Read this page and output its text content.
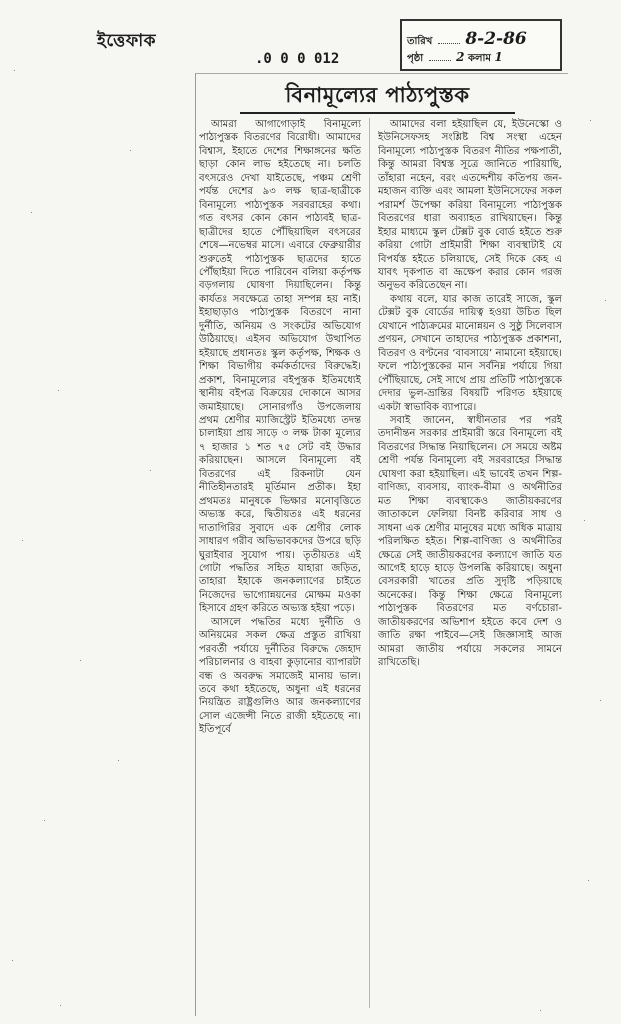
ইত্তেফাক
.0 0 0 012
তারিখ 8-2-86
পৃষ্ঠা	2 কলাম 1
বিনামূল্যের পাঠ্যপুস্তক

আমরা আগাগোড়াই বিনামূল্যে পাঠ্যপুস্তক বিতরণের বিরোধী। আমাদের বিশ্বাস, ইহাতে দেশের শিক্ষাঙ্গনের ক্ষতি ছাড়া কোন লাভ হইতেছে না। চলতি বৎসরেও দেখা যাইতেছে, পঞ্চম শ্রেণী পর্যন্ত দেশের ৯৩ লক্ষ ছাত্র-ছাত্রীকে বিনামূল্যে পাঠ্যপুস্তক সরবরাহের কথা। গত বৎসর কোন কোন পাঠ্যবই ছাত্র-ছাত্রীদের হাতে পৌঁছিয়াছিল বৎসরের শেষে—নভেম্বর মাসে। এবারে ফেব্রুয়ারীর শুরুতেই পাঠ্যপুস্তক ছাত্রদের হাতে পৌঁছাইয়া দিতে পারিবেন বলিয়া কর্তৃপক্ষ বড়গলায় ঘোষণা দিয়াছিলেন। কিন্তু কার্যতঃ সবক্ষেত্রে তাহা সম্পন্ন হয় নাই। ইহাছাড়াও পাঠ্যপুস্তক বিতরণে নানা দুর্নীতি, অনিয়ম ও সংকটের অভিযোগ উঠিয়াছে। এইসব অভিযোগ উত্থাপিত হইয়াছে প্রধানতঃ স্কুল কর্তৃপক্ষ, শিক্ষক ও শিক্ষা বিভাগীয় কর্মকর্তাদের বিরুদ্ধেই। প্রকাশ, বিনামূল্যের বইপুস্তক ইতিমধ্যেই স্থানীয় বইপত্র বিক্রয়ের দোকানে আসর জমাইয়াছে। সোনারগাঁও উপজেলায় প্রথম শ্রেণীর ম্যাজিস্ট্রেট ইতিমধ্যে তদন্ত চালাইয়া প্রায় সাড়ে ৩ লক্ষ টাকা মূল্যের ৭ হাজার ১ শত ৭৫ সেট বই উদ্ধার করিয়াছেন। আসলে বিনামূল্যে বই বিতরণের এই রিকনাটা যেন নীতিহীনতারই মূর্তিমান প্রতীক। ইহা প্রথমতঃ মানুষকে ভিক্ষার মনোবৃত্তিতে অভ্যস্ত করে, দ্বিতীয়তঃ এই ধরনের দাতাগিরির সুবাদে এক শ্রেণীর লোক সাধারণ গরীব অভিভাবকদের উপরে ছড়ি ঘুরাইবার সুযোগ পায়। তৃতীয়তঃ এই গোটা পদ্ধতির সহিত যাহারা জড়িত, তাহারা ইহাকে জনকল্যাণের চাইতে নিজেদের ভাগ্যোন্নয়নের মোক্ষম মওকা হিসাবে গ্রহণ করিতে অভ্যস্ত হইয়া পড়ে।

আসলে পদ্ধতির মধ্যে দুর্নীতি ও অনিয়মের সকল ক্ষেত্র প্রস্তুত রাখিয়া পরবর্তী পর্যায়ে দুর্নীতির বিরুদ্ধে জেহাদ পরিচালনার ও বাহবা কুড়ানোর ব্যাপারটা বন্ধ ও অবরুদ্ধ সমাজেই মানায় ভাল। তবে কথা হইতেছে, অধুনা এই ধরনের নিয়ন্ত্রিত রাষ্ট্রগুলিও আর জনকল্যাণের সোল এজেন্সী নিতে রাজী হইতেছে না। ইতিপূর্বে

আমাদের বলা হইয়াছিল যে, ইউনেস্কো ও ইউনিসেফসহ সংশ্লিষ্ট বিশ্ব সংস্থা এহেন বিনামূল্যে পাঠ্যপুস্তক বিতরণ নীতির পক্ষপাতী, কিন্তু আমরা বিশ্বস্ত সূত্রে জানিতে পারিয়াছি, তাঁহারা নহেন, বরং এতদ্দেশীয় কতিপয় জন-মহাজন ব্যক্তি এবং আমলা ইউনিসেফের সকল পরামর্শ উপেক্ষা করিয়া বিনামূল্যে পাঠ্যপুস্তক বিতরণের ধারা অব্যাহত রাখিয়াছেন। কিন্তু ইহার মাধ্যমে স্কুল টেক্সট বুক বোর্ড হইতে শুরু করিয়া গোটা প্রাইমারী শিক্ষা ব্যবস্থাটাই যে বিপর্যস্ত হইতে চলিয়াছে, সেই দিকে কেহ এ যাবৎ দৃকপাত বা ভ্রূক্ষেপ করার কোন গরজ অনুভব করিতেছেন না।

কথায় বলে, যার কাজ তারেই সাজে, স্কুল টেক্সট বুক বোর্ডের দায়িত্ব হওয়া উচিত ছিল যেখানে পাঠ্যক্রমের মানোন্নয়ন ও সুষ্ঠু সিলেবাস প্রণয়ন, সেখানে তাহাদের পাঠ্যপুস্তক প্রকাশনা, বিতরণ ও বণ্টনের ‘বাবসায়ে’ নামানো হইয়াছে। ফলে পাঠ্যপুস্তকের মান সর্বনিম্ন পর্যায়ে গিয়া পৌঁছিয়াছে, সেই সাথে প্রায় প্রতিটি পাঠ্যপুস্তকে দেদার ভুল-ভ্রান্তির বিষয়টি পরিণত হইয়াছে একটা স্বাভাবিক ব্যাপারে।

সবাই জানেন, স্বাধীনতার পর পরই তদানীন্তন সরকার প্রাইমারী স্তরে বিনামূল্যে বই বিতরণের সিদ্ধান্ত নিয়াছিলেন। সে সময়ে অষ্টম শ্রেণী পর্যন্ত বিনামূল্যে বই সরবরাহের সিদ্ধান্ত ঘোষণা করা হইয়াছিল। এই ভাবেই তখন শিল্প-বাণিজ্য, ব্যবসায়, ব্যাংক-বীমা ও অর্থনীতির মত শিক্ষা ব্যবস্থাকেও জাতীয়করণের জাতাকলে ফেলিয়া বিনষ্ট করিবার সাধ ও সাধনা এক শ্রেণীর মানুষের মধ্যে অধিক মাত্রায় পরিলক্ষিত হইত। শিল্প-বাণিজ্য ও অর্থনীতির ক্ষেত্রে সেই জাতীয়করণের কল্যাণে জাতি যত আগেই হাড়ে হাড়ে উপলব্ধি করিয়াছে। অধুনা বেসরকারী খাতের প্রতি সুদৃষ্টি পড়িয়াছে অনেকের। কিন্তু শিক্ষা ক্ষেত্রে বিনামূল্যে পাঠ্যপুস্তক বিতরণের মত বর্ণচোরা-জাতীয়করণের অভিশাপ হইতে কবে দেশ ও জাতি রক্ষা পাইবে—সেই জিজ্ঞাসাই আজ আমরা জাতীয় পর্যায়ে সকলের সামনে রাখিতেছি।
